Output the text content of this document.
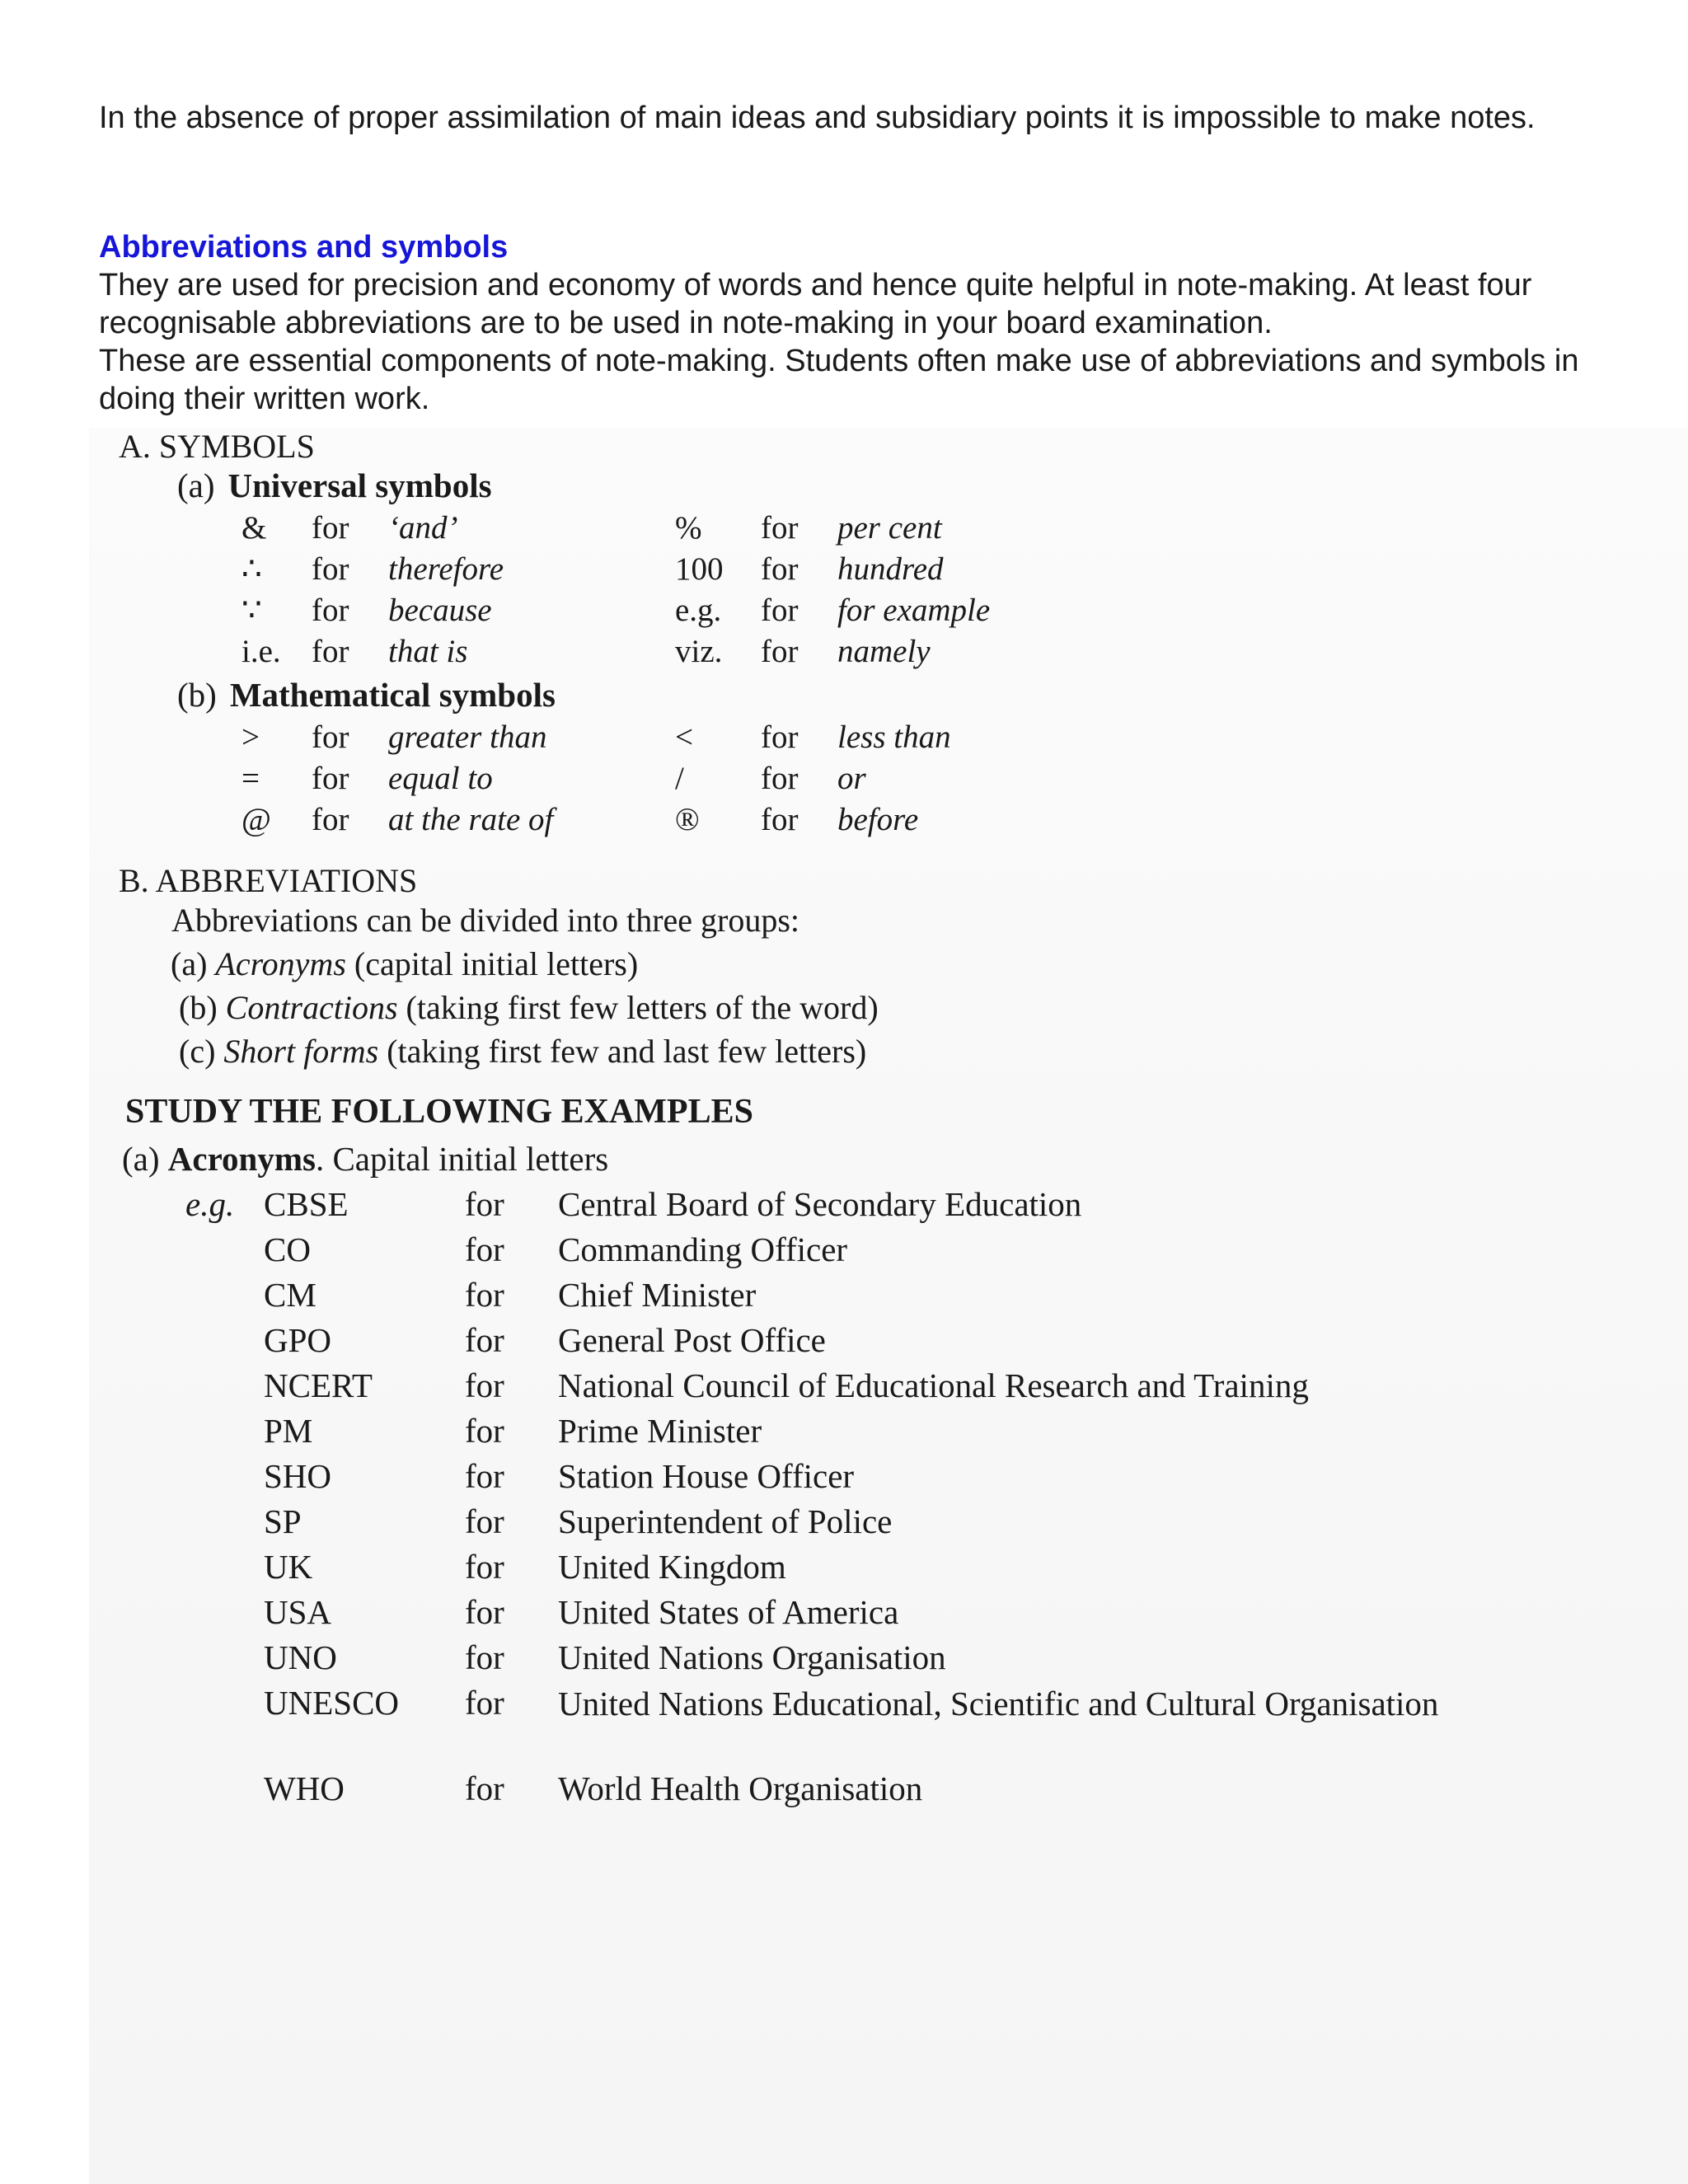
In the absence of proper assimilation of main ideas and subsidiary points it is impossible to make notes.

Abbreviations and symbols

They are used for precision and economy of words and hence quite helpful in note-making. At least four recognisable abbreviations are to be used in note-making in your board examination.

These are essential components of note-making. Students often make use of abbreviations and symbols in doing their written work.

A. SYMBOLS
(a) Universal symbols
& for ‘and’	% for per cent
∴ for therefore	100 for hundred
∵ for because	e.g. for for example
i.e. for that is	viz. for namely
(b) Mathematical symbols
> for greater than	< for less than
= for equal to	/ for or
@ for at the rate of	® for before
B. ABBREVIATIONS
Abbreviations can be divided into three groups:
(a) Acronyms (capital initial letters)
(b) Contractions (taking first few letters of the word)
(c) Short forms (taking first few and last few letters)
STUDY THE FOLLOWING EXAMPLES
(a) Acronyms. Capital initial letters
e.g. CBSE	for Central Board of Secondary Education
CO	for Commanding Officer
CM	for Chief Minister
GPO	for General Post Office
NCERT	for National Council of Educational Research and Training
PM	for Prime Minister
SHO	for Station House Officer
SP	for Superintendent of Police
UK	for United Kingdom
USA	for United States of America
UNO	for United Nations Organisation
UNESCO for United Nations Educational, Scientific and Cultural Organisation
WHO	for World Health Organisation
